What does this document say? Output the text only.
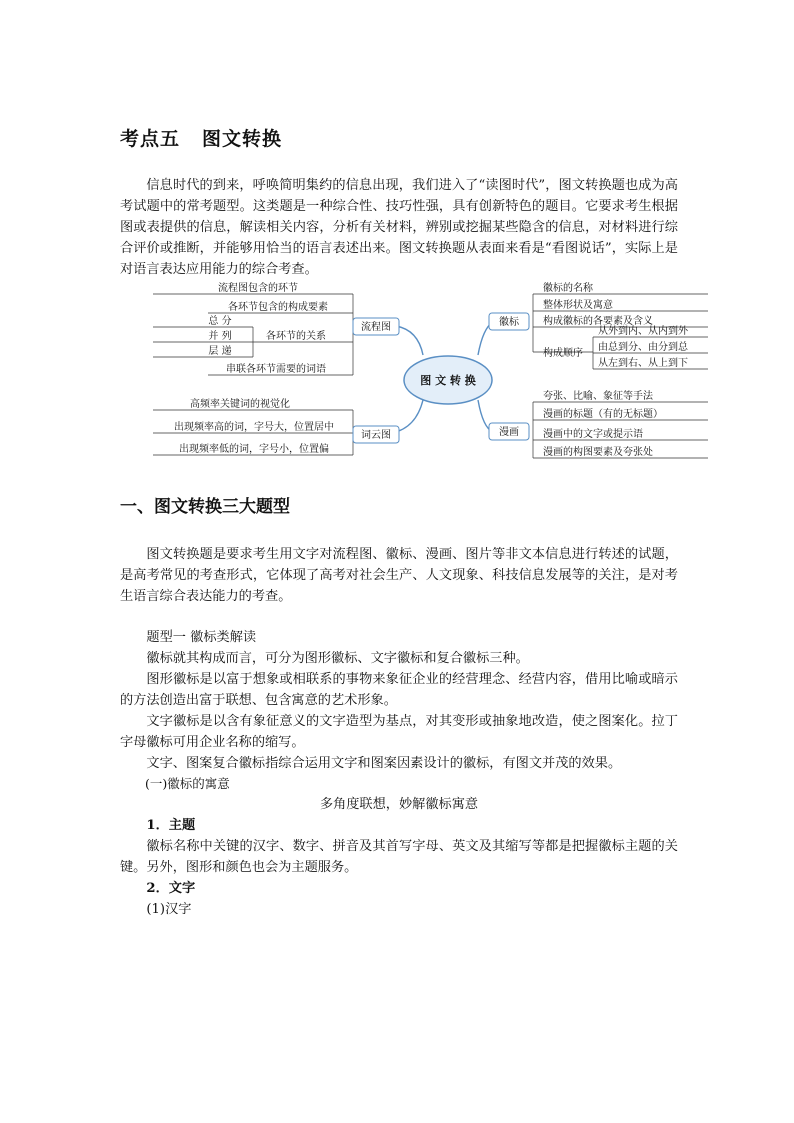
考点五 图文转换
信息时代的到来，呼唤简明集约的信息出现，我们进入了“读图时代”，图文转换题也成为高考试题中的常考题型。这类题是一种综合性、技巧性强，具有创新特色的题目。它要求考生根据图或表提供的信息，解读相关内容，分析有关材料，辨别或挖掘某些隐含的信息，对材料进行综合评价或推断，并能够用恰当的语言表述出来。图文转换题从表面来看是“看图说话”，实际上是对语言表达应用能力的综合考查。
图 文 转 换
流程图
词云图
徽标
漫画
流程图包含的环节
各环节包含的构成要素
总 分
并 列
层 递
各环节的关系
串联各环节需要的词语
高频率关键词的视觉化
出现频率高的词，字号大，位置居中
出现频率低的词，字号小，位置偏
徽标的名称
整体形状及寓意
构成徽标的各要素及含义
构成顺序
从外到内、从内到外
由总到分、由分到总
从左到右、从上到下
夸张、比喻、象征等手法
漫画的标题（有的无标题）
漫画中的文字或提示语
漫画的构图要素及夸张处
一、图文转换三大题型
图文转换题是要求考生用文字对流程图、徽标、漫画、图片等非文本信息进行转述的试题，是高考常见的考查形式，它体现了高考对社会生产、人文现象、科技信息发展等的关注，是对考生语言综合表达能力的考查。
题型一 徽标类解读
徽标就其构成而言，可分为图形徽标、文字徽标和复合徽标三种。
图形徽标是以富于想象或相联系的事物来象征企业的经营理念、经营内容，借用比喻或暗示的方法创造出富于联想、包含寓意的艺术形象。
文字徽标是以含有象征意义的文字造型为基点，对其变形或抽象地改造，使之图案化。拉丁字母徽标可用企业名称的缩写。
文字、图案复合徽标指综合运用文字和图案因素设计的徽标，有图文并茂的效果。
(一)徽标的寓意
多角度联想，妙解徽标寓意
1．主题
徽标名称中关键的汉字、数字、拼音及其首写字母、英文及其缩写等都是把握徽标主题的关键。另外，图形和颜色也会为主题服务。
2．文字
(1)汉字
